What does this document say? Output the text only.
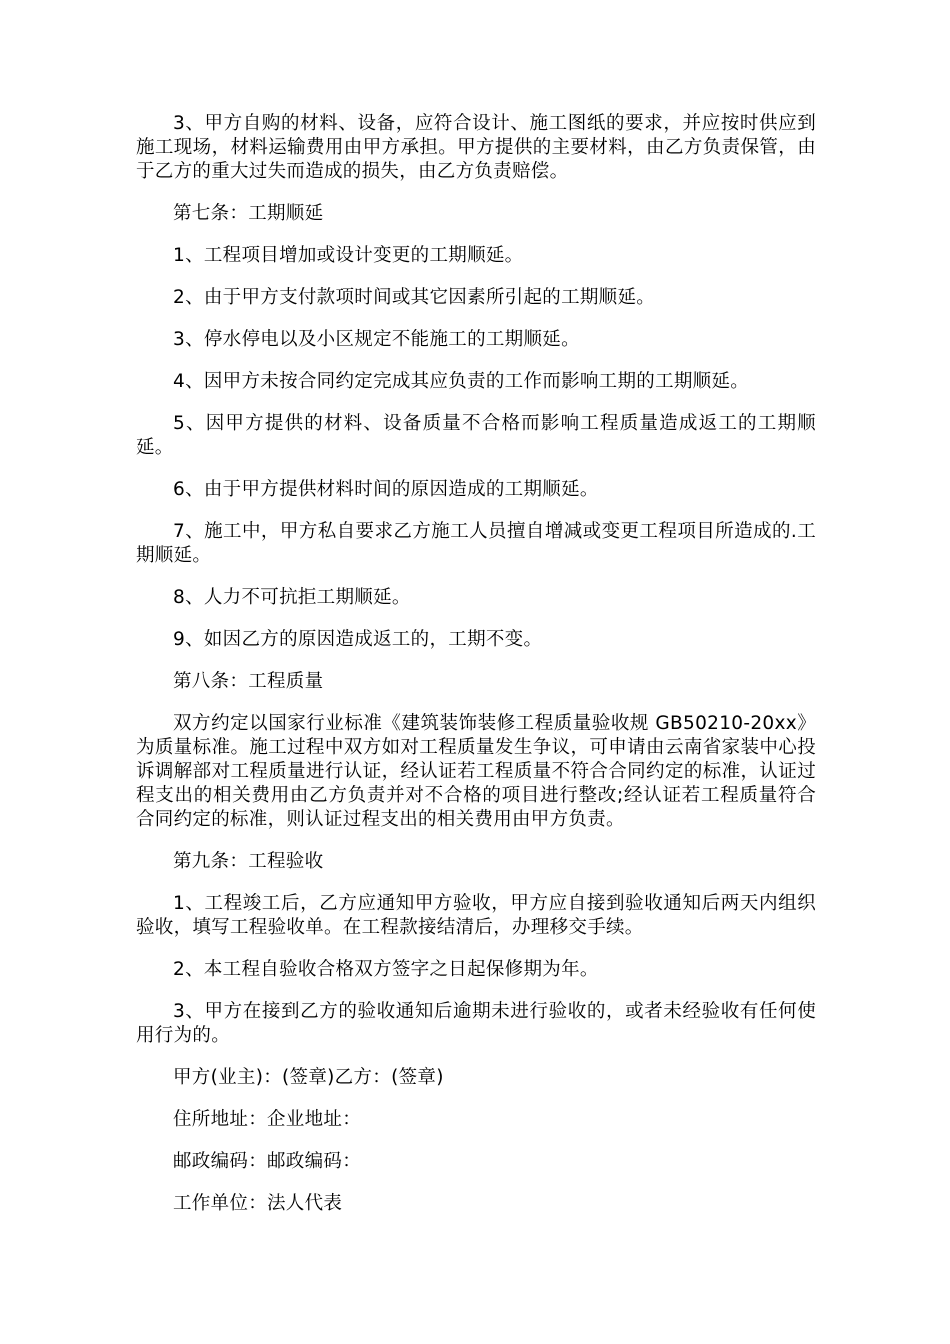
3、甲方自购的材料、设备，应符合设计、施工图纸的要求，并应按时供应到施工现场，材料运输费用由甲方承担。甲方提供的主要材料，由乙方负责保管，由于乙方的重大过失而造成的损失，由乙方负责赔偿。

第七条：工期顺延

1、工程项目增加或设计变更的工期顺延。

2、由于甲方支付款项时间或其它因素所引起的工期顺延。

3、停水停电以及小区规定不能施工的工期顺延。

4、因甲方未按合同约定完成其应负责的工作而影响工期的工期顺延。

5、因甲方提供的材料、设备质量不合格而影响工程质量造成返工的工期顺延。

6、由于甲方提供材料时间的原因造成的工期顺延。

7、施工中，甲方私自要求乙方施工人员擅自增减或变更工程项目所造成的.工期顺延。

8、人力不可抗拒工期顺延。

9、如因乙方的原因造成返工的，工期不变。

第八条：工程质量

双方约定以国家行业标准《建筑装饰装修工程质量验收规 GB50210-20xx》为质量标准。施工过程中双方如对工程质量发生争议，可申请由云南省家装中心投诉调解部对工程质量进行认证，经认证若工程质量不符合合同约定的标准，认证过程支出的相关费用由乙方负责并对不合格的项目进行整改;经认证若工程质量符合合同约定的标准，则认证过程支出的相关费用由甲方负责。

第九条：工程验收

1、工程竣工后，乙方应通知甲方验收，甲方应自接到验收通知后两天内组织验收，填写工程验收单。在工程款接结清后，办理移交手续。

2、本工程自验收合格双方签字之日起保修期为年。

3、甲方在接到乙方的验收通知后逾期未进行验收的，或者未经验收有任何使用行为的。

甲方(业主)：(签章)乙方：(签章)

住所地址：企业地址：

邮政编码：邮政编码：

工作单位：法人代表
